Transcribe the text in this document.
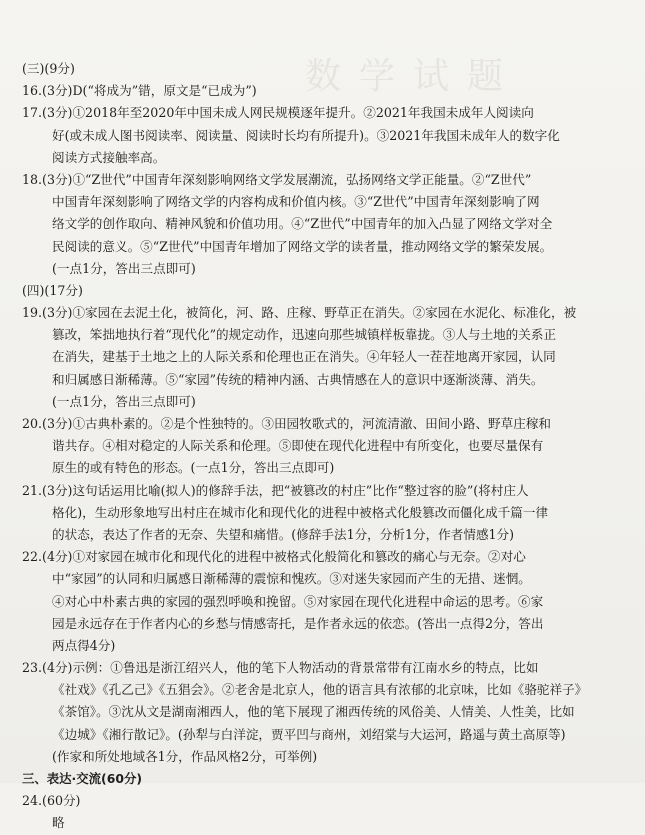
数学试题
(三)(9分)
16.(3分)D(“将成为”错，原文是“已成为”)
17.(3分)①2018年至2020年中国未成人网民规模逐年提升。②2021年我国未成年人阅读向
好(或未成人图书阅读率、阅读量、阅读时长均有所提升)。③2021年我国未成年人的数字化
阅读方式接触率高。
18.(3分)①“Z世代”中国青年深刻影响网络文学发展潮流，弘扬网络文学正能量。②“Z世代”
中国青年深刻影响了网络文学的内容构成和价值内核。③“Z世代”中国青年深刻影响了网
络文学的创作取向、精神风貌和价值功用。④“Z世代”中国青年的加入凸显了网络文学对全
民阅读的意义。⑤“Z世代”中国青年增加了网络文学的读者量，推动网络文学的繁荣发展。
(一点1分，答出三点即可)
(四)(17分)
19.(3分)①家园在去泥土化，被简化，河、路、庄稼、野草正在消失。②家园在水泥化、标准化，被
篡改，笨拙地执行着“现代化”的规定动作，迅速向那些城镇样板靠拢。③人与土地的关系正
在消失，建基于土地之上的人际关系和伦理也正在消失。④年轻人一茬茬地离开家园，认同
和归属感日渐稀薄。⑤“家园”传统的精神内涵、古典情感在人的意识中逐渐淡薄、消失。
(一点1分，答出三点即可)
20.(3分)①古典朴素的。②是个性独特的。③田园牧歌式的，河流清澈、田间小路、野草庄稼和
谐共存。④相对稳定的人际关系和伦理。⑤即使在现代化进程中有所变化，也要尽量保有
原生的或有特色的形态。(一点1分，答出三点即可)
21.(3分)这句话运用比喻(拟人)的修辞手法，把“被篡改的村庄”比作“整过容的脸”(将村庄人
格化)，生动形象地写出村庄在城市化和现代化的进程中被格式化般篡改而僵化成千篇一律
的状态，表达了作者的无奈、失望和痛惜。(修辞手法1分，分析1分，作者情感1分)
22.(4分)①对家园在城市化和现代化的进程中被格式化般简化和篡改的痛心与无奈。②对心
中“家园”的认同和归属感日渐稀薄的震惊和愧疚。③对迷失家园而产生的无措、迷惘。
④对心中朴素古典的家园的强烈呼唤和挽留。⑤对家园在现代化进程中命运的思考。⑥家
园是永远存在于作者内心的乡愁与情感寄托，是作者永远的依恋。(答出一点得2分，答出
两点得4分)
23.(4分)示例：①鲁迅是浙江绍兴人，他的笔下人物活动的背景常带有江南水乡的特点，比如
《社戏》《孔乙己》《五猖会》。②老舍是北京人，他的语言具有浓郁的北京味，比如《骆驼祥子》
《茶馆》。③沈从文是湖南湘西人，他的笔下展现了湘西传统的风俗美、人情美、人性美，比如
《边城》《湘行散记》。(孙犁与白洋淀，贾平凹与商州，刘绍棠与大运河，路遥与黄土高原等)
(作家和所处地域各1分，作品风格2分，可举例)
三、表达·交流(60分)
24.(60分)
略
